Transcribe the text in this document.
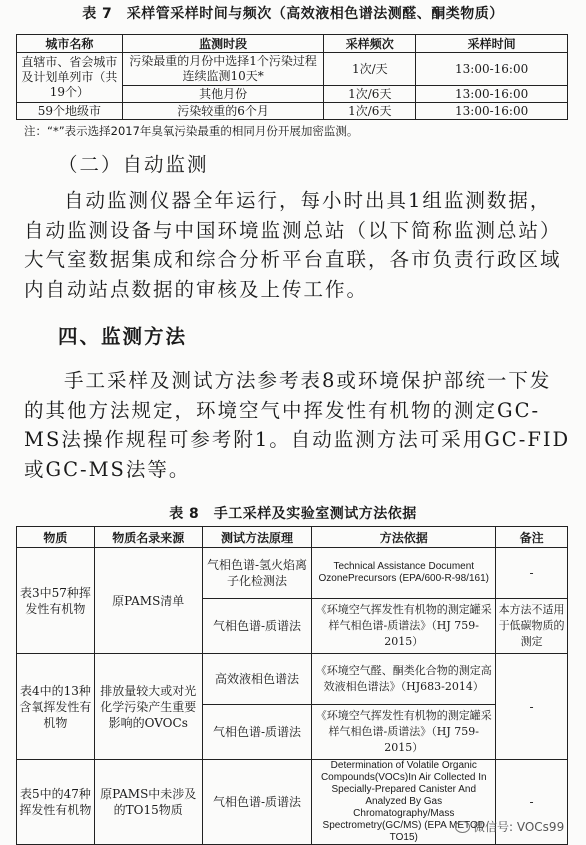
表 7　采样管采样时间与频次（高效液相色谱法测醛、酮类物质）
城市名称	监测时段	采样频次	采样时间
直辖市、省会城市及计划单列市（共19个）	污染最重的月份中选择1个污染过程连续监测10天*	1次/天	13:00-16:00
	其他月份	1次/6天	13:00-16:00
59个地级市	污染较重的6个月	1次/6天	13:00-16:00
注：“*”表示选择2017年臭氧污染最重的相同月份开展加密监测。
（二）自动监测
自动监测仪器全年运行，每小时出具1组监测数据，自动监测设备与中国环境监测总站（以下简称监测总站）大气室数据集成和综合分析平台直联，各市负责行政区域内自动站点数据的审核及上传工作。
四、监测方法
手工采样及测试方法参考表8或环境保护部统一下发的其他方法规定，环境空气中挥发性有机物的测定GC-MS法操作规程可参考附1。自动监测方法可采用GC-FID或GC-MS法等。
表 8　手工采样及实验室测试方法依据
物质	物质名录来源	测试方法原理	方法依据	备注
表3中57种挥发性有机物	原PAMS清单	气相色谱-氢火焰离子化检测法	Technical Assistance Document OzonePrecursors (EPA/600-R-98/161)	-
		气相色谱-质谱法	《环境空气挥发性有机物的测定罐采样气相色谱-质谱法》（HJ 759-2015）	本方法不适用于低碳物质的测定
表4中的13种含氧挥发性有机物	排放量较大或对光化学污染产生重要影响的OVOCs	高效液相色谱法	《环境空气醛、酮类化合物的测定高效液相色谱法》（HJ683-2014）	-
		气相色谱-质谱法	《环境空气挥发性有机物的测定罐采样气相色谱-质谱法》（HJ 759-2015）	
表5中的47种挥发性有机物	原PAMS中未涉及的TO15物质	气相色谱-质谱法	Determination of Volatile Organic Compounds(VOCs)In Air Collected In Specially-Prepared Canister And Analyzed By Gas Chromatography/Mass Spectrometry(GC/MS) (EPA METOD TO15)	-
微信号: VOCs99
